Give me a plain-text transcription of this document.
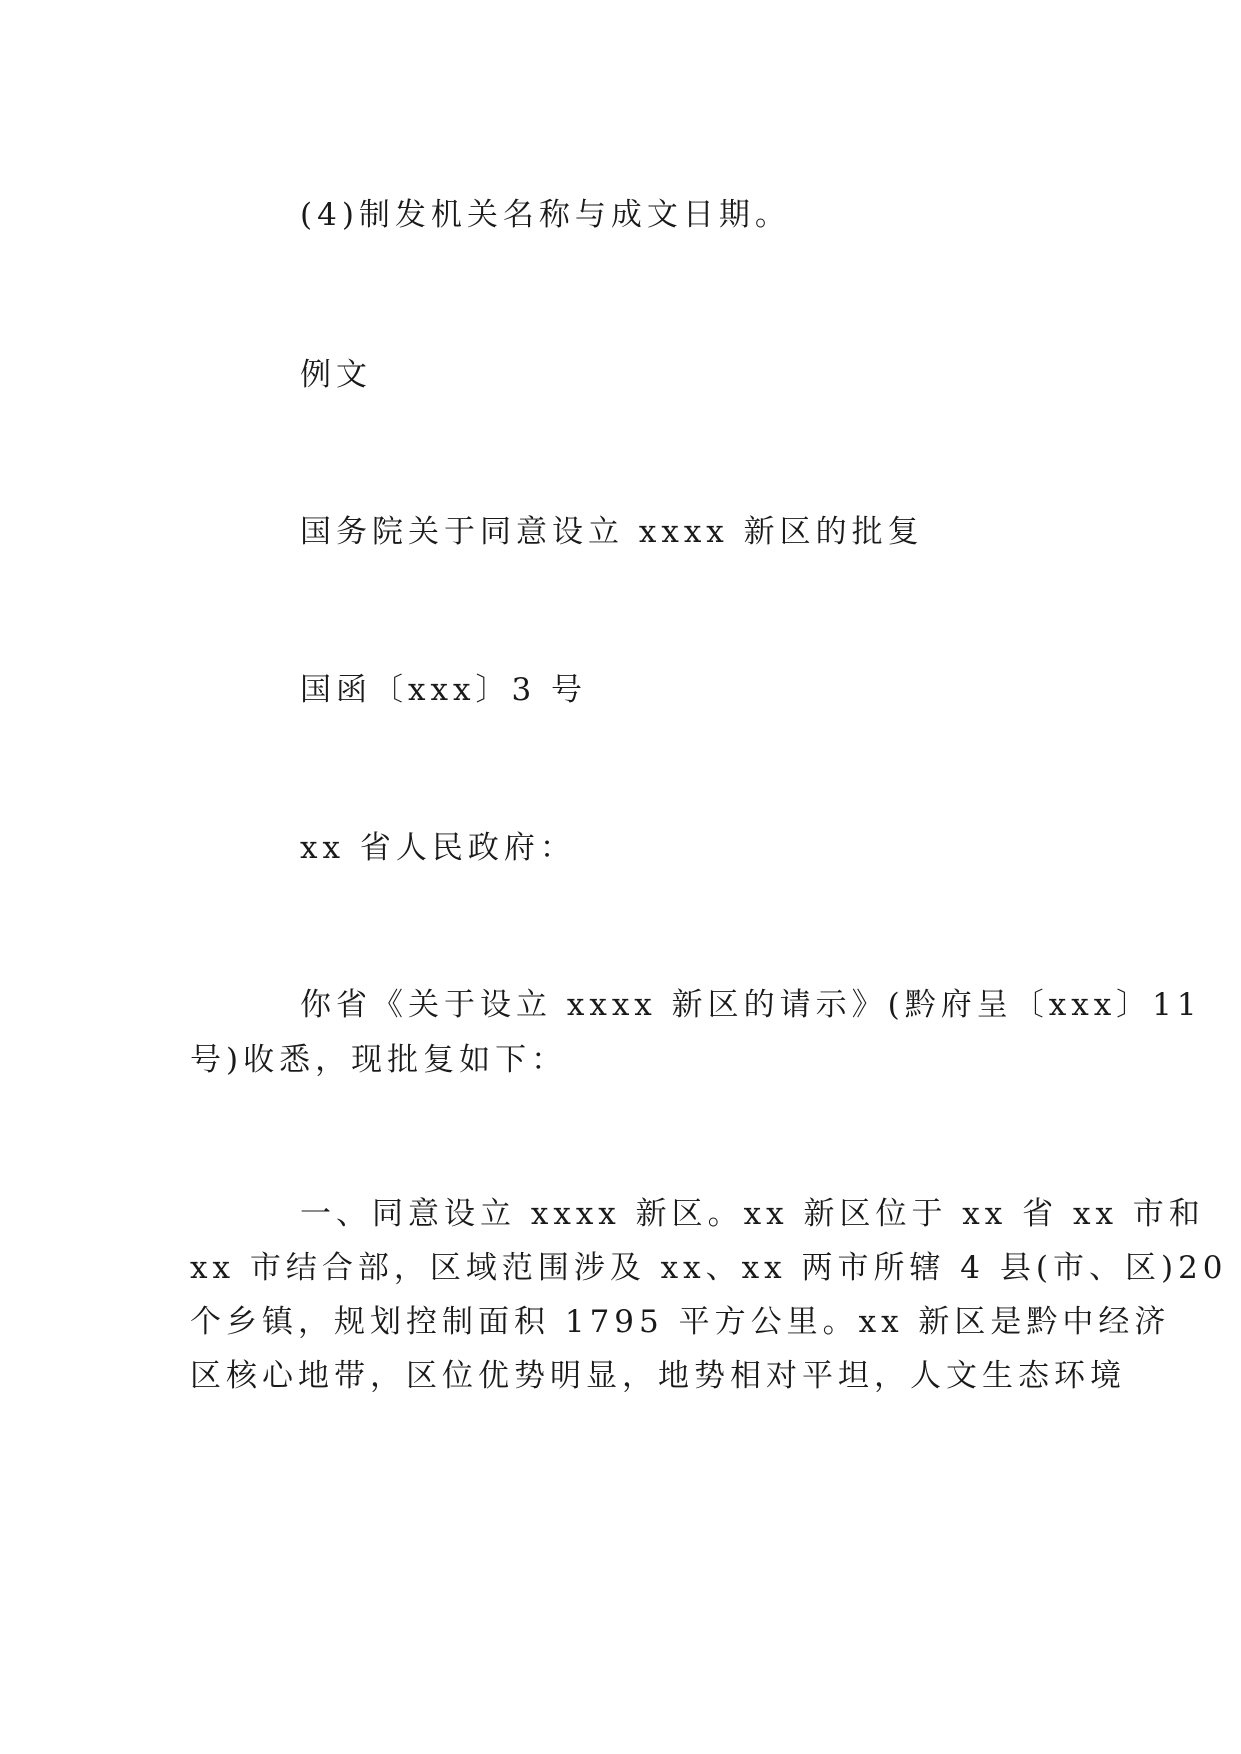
(4)制发机关名称与成文日期。
例文
国务院关于同意设立 xxxx 新区的批复
国函〔xxx〕3 号
xx 省人民政府：
你省《关于设立 xxxx 新区的请示》(黔府呈〔xxx〕11
号)收悉，现批复如下：
一、同意设立 xxxx 新区。xx 新区位于 xx 省 xx 市和
xx 市结合部，区域范围涉及 xx、xx 两市所辖 4 县(市、区)20
个乡镇，规划控制面积 1795 平方公里。xx 新区是黔中经济
区核心地带，区位优势明显，地势相对平坦，人文生态环境
